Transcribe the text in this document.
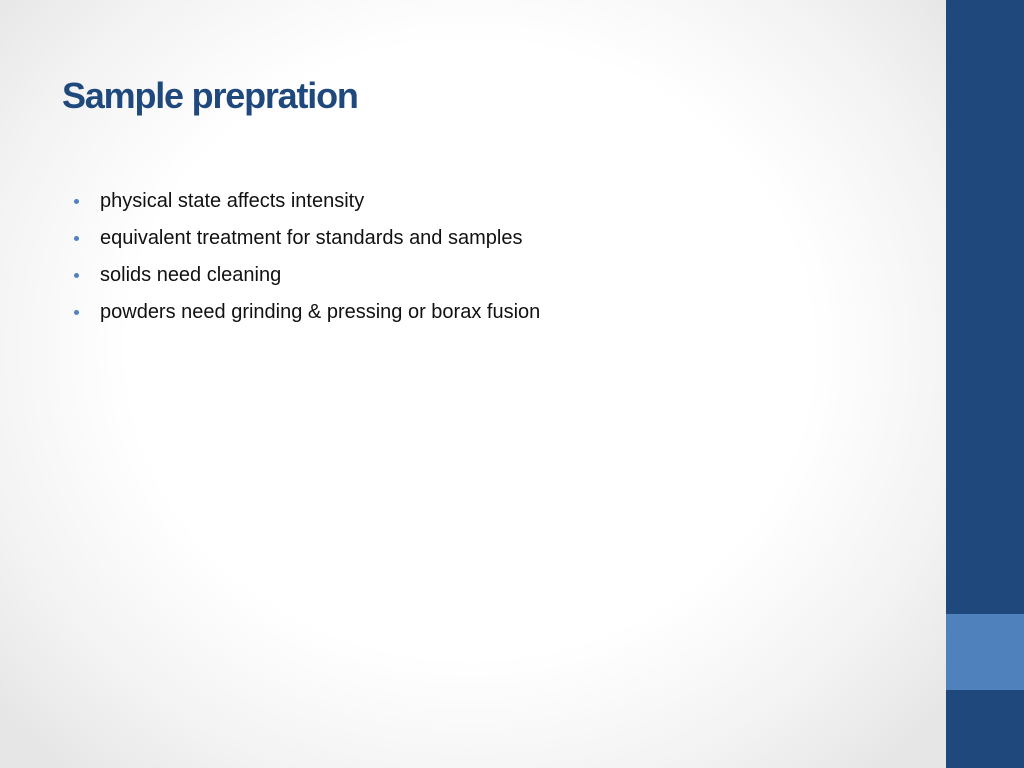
Sample prepration
physical state affects intensity
equivalent treatment for standards and samples
solids need cleaning
powders need grinding & pressing or borax fusion
